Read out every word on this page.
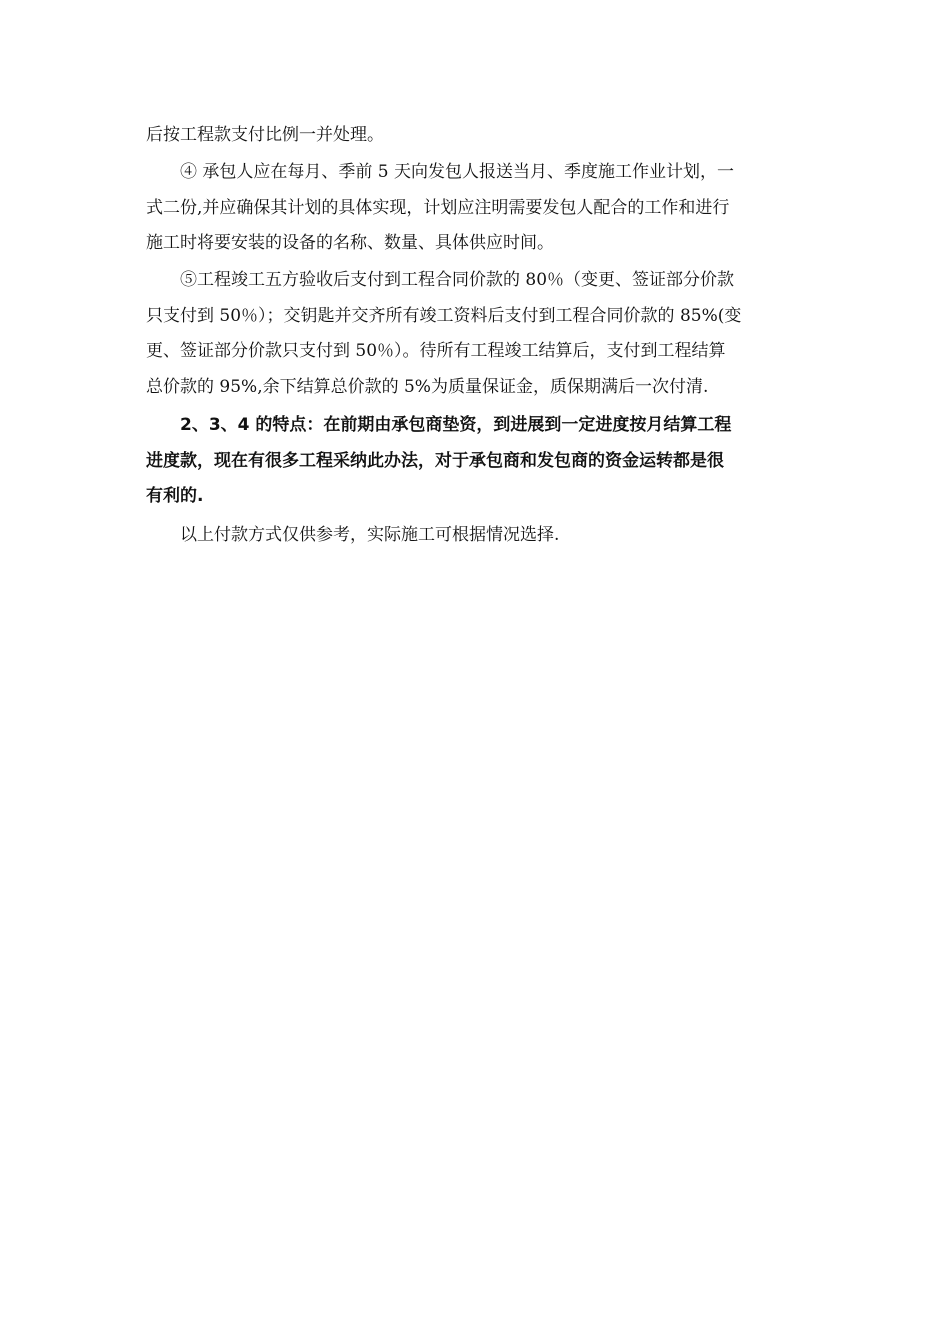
后按工程款支付比例一并处理。

④ 承包人应在每月、季前 5 天向发包人报送当月、季度施工作业计划，一
式二份,并应确保其计划的具体实现，计划应注明需要发包人配合的工作和进行
施工时将要安装的设备的名称、数量、具体供应时间。

⑤工程竣工五方验收后支付到工程合同价款的 80％（变更、签证部分价款
只支付到 50％）；交钥匙并交齐所有竣工资料后支付到工程合同价款的 85%(变
更、签证部分价款只支付到 50％）。待所有工程竣工结算后，支付到工程结算
总价款的 95%,余下结算总价款的 5%为质量保证金，质保期满后一次付清.

2、3、4 的特点：在前期由承包商垫资，到进展到一定进度按月结算工程
进度款，现在有很多工程采纳此办法，对于承包商和发包商的资金运转都是很
有利的.

以上付款方式仅供参考，实际施工可根据情况选择.
